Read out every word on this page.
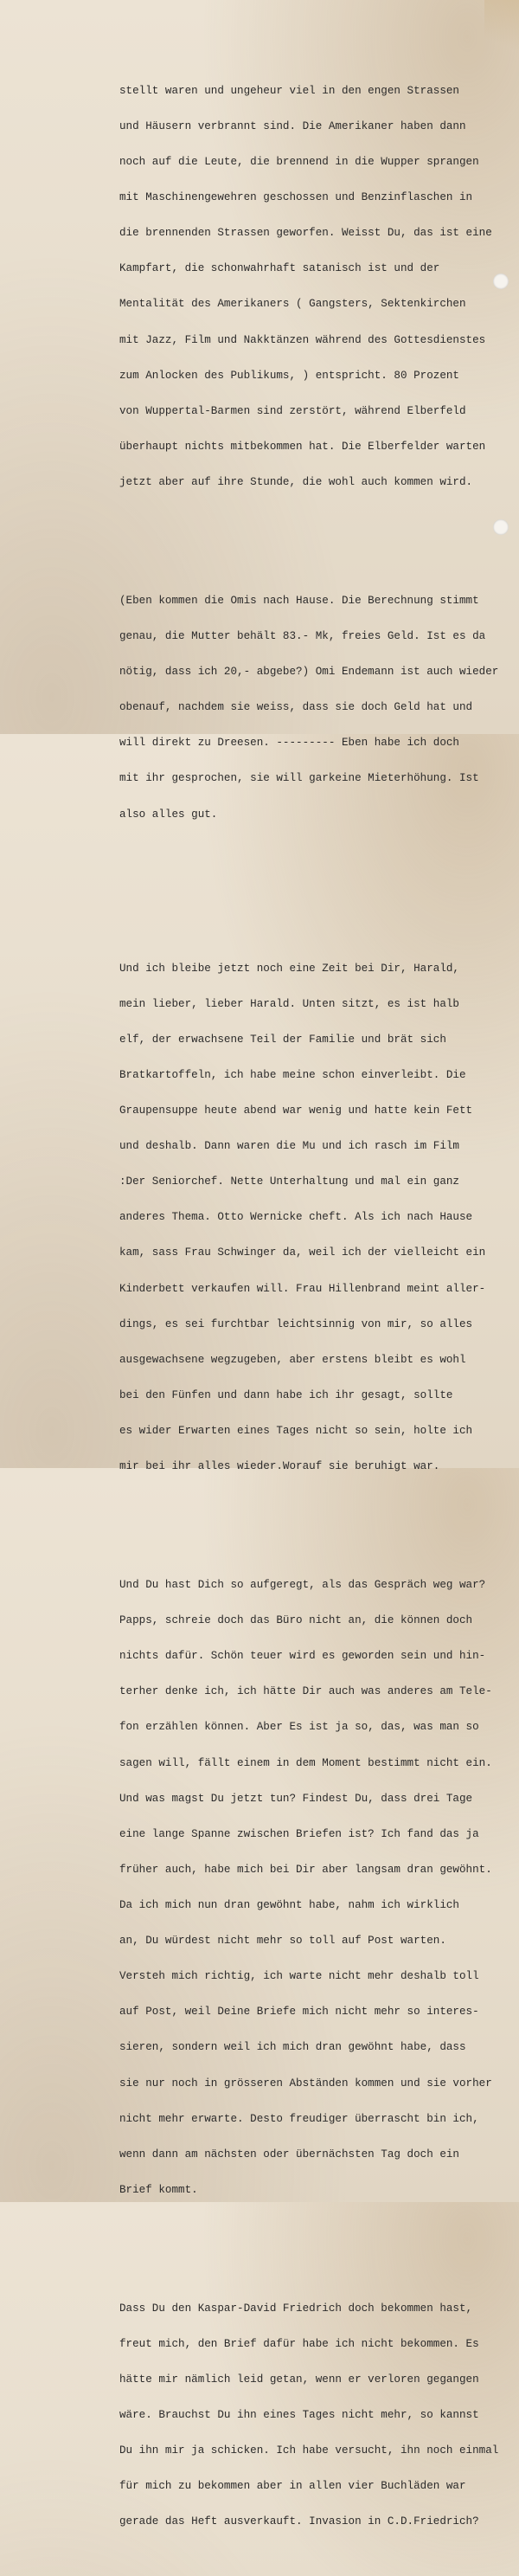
stellt waren und ungeheur viel in den engen Strassen

und Häusern verbrannt sind. Die Amerikaner haben dann

noch auf die Leute, die brennend in die Wupper sprangen

mit Maschinengewehren geschossen und Benzinflaschen in

die brennenden Strassen geworfen. Weisst Du, das ist eine

Kampfart, die schonwahrhaft satanisch ist und der

Mentalität des Amerikaners ( Gangsters, Sektenkirchen

mit Jazz, Film und Nakktänzen während des Gottesdienstes

zum Anlocken des Publikums, ) entspricht. 80 Prozent

von Wuppertal-Barmen sind zerstört, während Elberfeld

überhaupt nichts mitbekommen hat. Die Elberfelder warten

jetzt aber auf ihre Stunde, die wohl auch kommen wird.

(Eben kommen die Omis nach Hause. Die Berechnung stimmt

genau, die Mutter behält 83.- Mk, freies Geld. Ist es da

nötig, dass ich 20,- abgebe?) Omi Endemann ist auch wieder

obenauf, nachdem sie weiss, dass sie doch Geld hat und

will direkt zu Dreesen. --------- Eben habe ich doch

mit ihr gesprochen, sie will garkeine Mieterhöhung. Ist

also alles gut.

Und ich bleibe jetzt noch eine Zeit bei Dir, Harald,

mein lieber, lieber Harald. Unten sitzt, es ist halb

elf, der erwachsene Teil der Familie und brät sich

Bratkartoffeln, ich habe meine schon einverleibt. Die

Graupensuppe heute abend war wenig und hatte kein Fett

und deshalb. Dann waren die Mu und ich rasch im Film

:Der Seniorchef. Nette Unterhaltung und mal ein ganz

anderes Thema. Otto Wernicke cheft. Als ich nach Hause

kam, sass Frau Schwinger da, weil ich der vielleicht ein

Kinderbett verkaufen will. Frau Hillenbrand meint aller-

dings, es sei furchtbar leichtsinnig von mir, so alles

ausgewachsene wegzugeben, aber erstens bleibt es wohl

bei den Fünfen und dann habe ich ihr gesagt, sollte

es wider Erwarten eines Tages nicht so sein, holte ich

mir bei ihr alles wieder.Worauf sie beruhigt war.

Und Du hast Dich so aufgeregt, als das Gespräch weg war?

Papps, schreie doch das Büro nicht an, die können doch

nichts dafür. Schön teuer wird es geworden sein und hin-

terher denke ich, ich hätte Dir auch was anderes am Tele-

fon erzählen können. Aber Es ist ja so, das, was man so

sagen will, fällt einem in dem Moment bestimmt nicht ein.

Und was magst Du jetzt tun? Findest Du, dass drei Tage

eine lange Spanne zwischen Briefen ist? Ich fand das ja

früher auch, habe mich bei Dir aber langsam dran gewöhnt.

Da ich mich nun dran gewöhnt habe, nahm ich wirklich

an, Du würdest nicht mehr so toll auf Post warten.

Versteh mich richtig, ich warte nicht mehr deshalb toll

auf Post, weil Deine Briefe mich nicht mehr so interes-

sieren, sondern weil ich mich dran gewöhnt habe, dass

sie nur noch in grösseren Abständen kommen und sie vorher

nicht mehr erwarte. Desto freudiger überrascht bin ich,

wenn dann am nächsten oder übernächsten Tag doch ein

Brief kommt.

Dass Du den Kaspar-David Friedrich doch bekommen hast,

freut mich, den Brief dafür habe ich nicht bekommen. Es

hätte mir nämlich leid getan, wenn er verloren gegangen

wäre. Brauchst Du ihn eines Tages nicht mehr, so kannst

Du ihn mir ja schicken. Ich habe versucht, ihn noch einmal

für mich zu bekommen aber in allen vier Buchläden war

gerade das Heft ausverkauft. Invasion in C.D.Friedrich?
